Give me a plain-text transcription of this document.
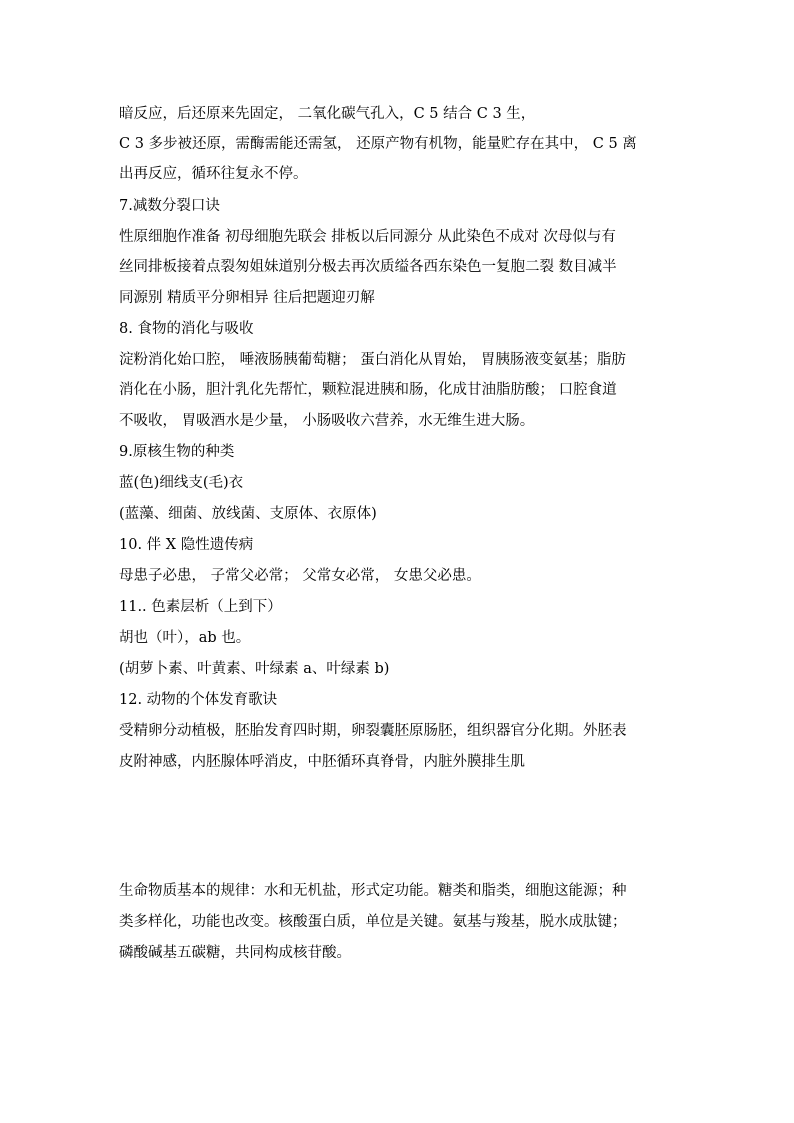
暗反应，后还原来先固定， 二氧化碳气孔入，C 5 结合 C 3 生，
C 3 多步被还原，需酶需能还需氢， 还原产物有机物，能量贮存在其中， C 5 离
出再反应，循环往复永不停。
7.减数分裂口诀
性原细胞作准备 初母细胞先联会 排板以后同源分 从此染色不成对 次母似与有
丝同排板接着点裂匆姐妹道别分极去再次质缢各西东染色一复胞二裂 数目减半
同源别 精质平分卵相异 往后把题迎刃解
8. 食物的消化与吸收
淀粉消化始口腔， 唾液肠胰葡萄糖； 蛋白消化从胃始， 胃胰肠液变氨基；脂肪
消化在小肠，胆汁乳化先帮忙，颗粒混进胰和肠，化成甘油脂肪酸； 口腔食道
不吸收， 胃吸酒水是少量， 小肠吸收六营养，水无维生进大肠。
9.原核生物的种类
蓝(色)细线支(毛)衣
(蓝藻、细菌、放线菌、支原体、衣原体)
10. 伴 X 隐性遗传病
母患子必患， 子常父必常； 父常女必常， 女患父必患。
11.. 色素层析（上到下）
胡也（叶），ab 也。
(胡萝卜素、叶黄素、叶绿素 a、叶绿素 b)
12. 动物的个体发育歌诀
受精卵分动植极，胚胎发育四时期，卵裂囊胚原肠胚，组织器官分化期。外胚表
皮附神感，内胚腺体呼消皮，中胚循环真脊骨，内脏外膜排生肌
生命物质基本的规律：水和无机盐，形式定功能。糖类和脂类，细胞这能源；种
类多样化，功能也改变。核酸蛋白质，单位是关键。氨基与羧基，脱水成肽键；
磷酸碱基五碳糖，共同构成核苷酸。
